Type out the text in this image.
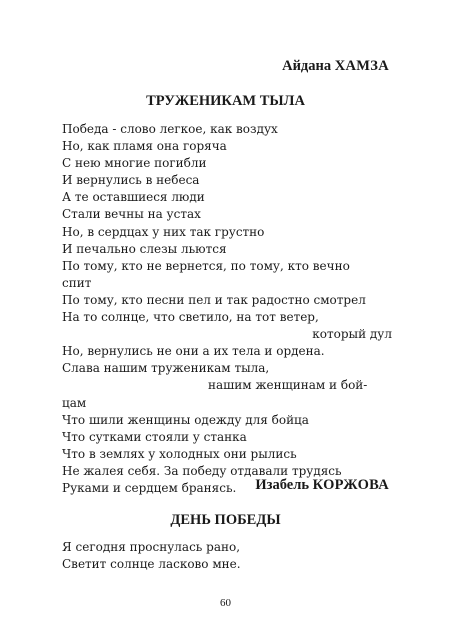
Айдана ХАМЗА
ТРУЖЕНИКАМ ТЫЛА
Победа - слово легкое, как воздух
Но, как пламя она горяча
С нею многие погибли
И вернулись в небеса
А те оставшиеся люди
Стали вечны на устах
Но, в сердцах у них так грустно
И печально слезы льются
По тому, кто не вернется, по тому, кто вечно
спит
По тому, кто песни пел и так радостно смотрел
На то солнце, что светило, на тот ветер,
который дул
Но, вернулись не они а их тела и ордена.
Слава нашим труженикам тыла,
нашим женщинам и бой-
цам
Что шили женщины одежду для бойца
Что сутками стояли у станка
Что в землях у холодных они рылись
Не жалея себя. За победу отдавали трудясь
Руками и сердцем бранясь.	Изабель КОРЖОВА
ДЕНЬ ПОБЕДЫ
Я сегодня проснулась рано,
Светит солнце ласково мне.
60
